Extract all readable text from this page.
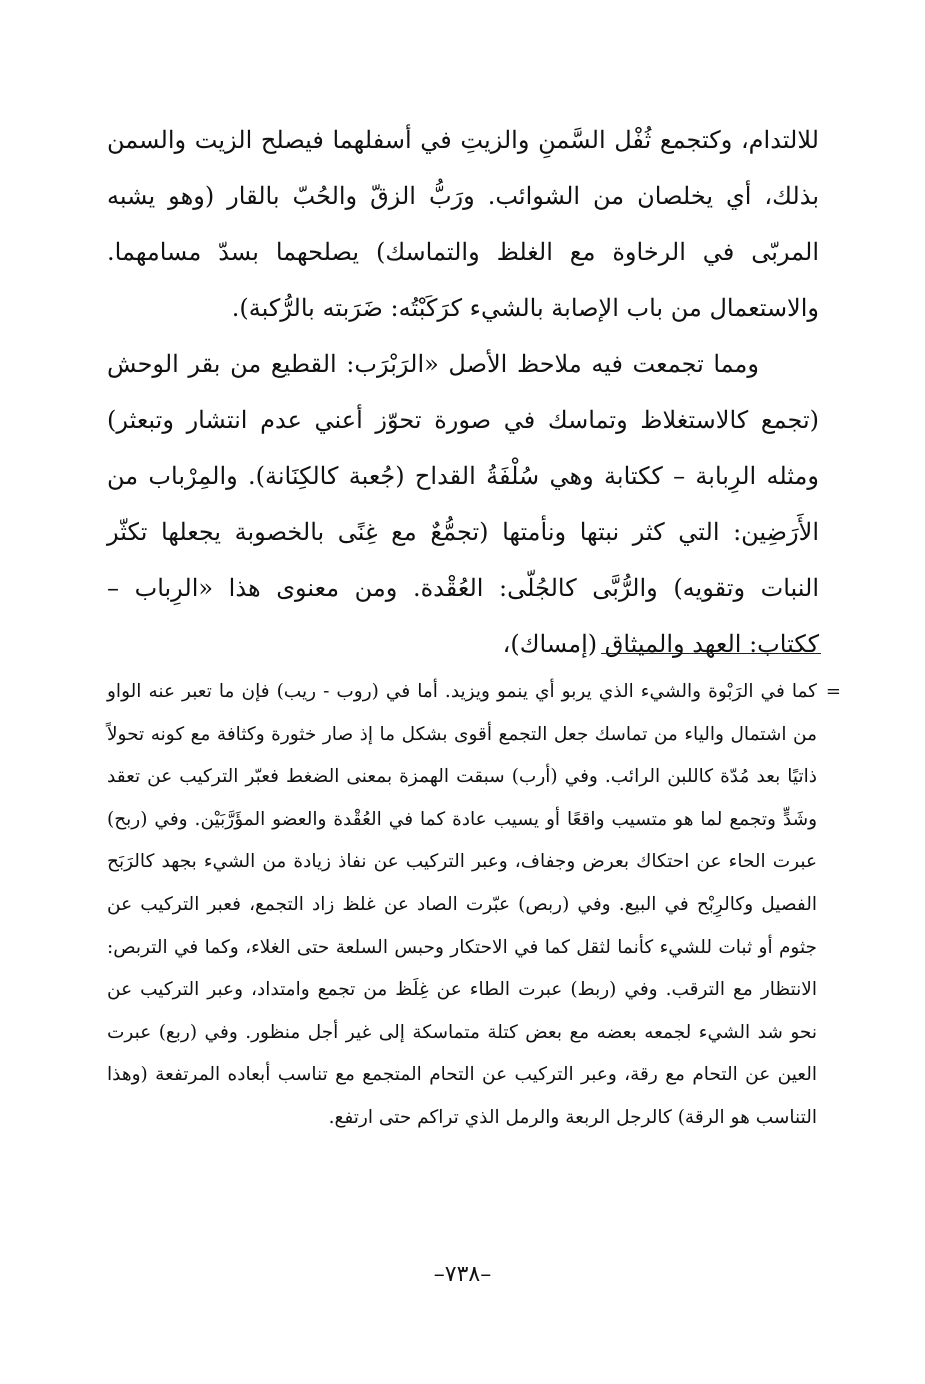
للالتدام، وكتجمع ثُفْل السَّمنِ والزيتِ في أسفلهما فيصلح الزيت والسمن بذلك، أي يخلصان من الشوائب. ورَبُّ الزقّ والحُبّ بالقار (وهو يشبه المربّى في الرخاوة مع الغلظ والتماسك) يصلحهما بسدّ مسامهما. والاستعمال من باب الإصابة بالشيء كرَكَبْتُه: ضَرَبته بالرُّكبة).

ومما تجمعت فيه ملاحظ الأصل «الرَبْرَب: القطيع من بقر الوحش (تجمع كالاستغلاظ وتماسك في صورة تحوّز أعني عدم انتشار وتبعثر) ومثله الرِبابة – ككتابة وهي سُلْفَةُ القداح (جُعبة كالكِنَانة). والمِرْباب من الأَرَضِين: التي كثر نبتها ونأمتها (تجمُّعٌ مع غِنًى بالخصوبة يجعلها تكثّر النبات وتقويه) والرُّبَّى كالجُلّى: العُقْدة. ومن معنوى هذا «الرِباب – ككتاب: العهد والميثاق (إمساك)،

=
كما في الرَبْوة والشيء الذي يربو أي ينمو ويزيد. أما في (روب - ريب) فإن ما تعبر عنه الواو من اشتمال والياء من تماسك جعل التجمع أقوى بشكل ما إذ صار خثورة وكثافة مع كونه تحولاً ذاتيًا بعد مُدّة كاللبن الرائب. وفي (أرب) سبقت الهمزة بمعنى الضغط فعبّر التركيب عن تعقد وشَدٍّ وتجمع لما هو متسيب واقعًا أو يسيب عادة كما في العُقْدة والعضو المؤَرَّبَيْن. وفي (ربح) عبرت الحاء عن احتكاك بعرض وجفاف، وعبر التركيب عن نفاذ زيادة من الشيء بجهد كالرَبَح الفصيل وكالرِبْح في البيع. وفي (ربص) عبّرت الصاد عن غلظ زاد التجمع، فعبر التركيب عن جثوم أو ثبات للشيء كأنما لثقل كما في الاحتكار وحبس السلعة حتى الغلاء، وكما في التربص: الانتظار مع الترقب. وفي (ربط) عبرت الطاء عن غِلَظ من تجمع وامتداد، وعبر التركيب عن نحو شد الشيء لجمعه بعضه مع بعض كتلة متماسكة إلى غير أجل منظور. وفي (ربع) عبرت العين عن التحام مع رقة، وعبر التركيب عن التحام المتجمع مع تناسب أبعاده المرتفعة (وهذا التناسب هو الرقة) كالرجل الربعة والرمل الذي تراكم حتى ارتفع.
–٧٣٨–
